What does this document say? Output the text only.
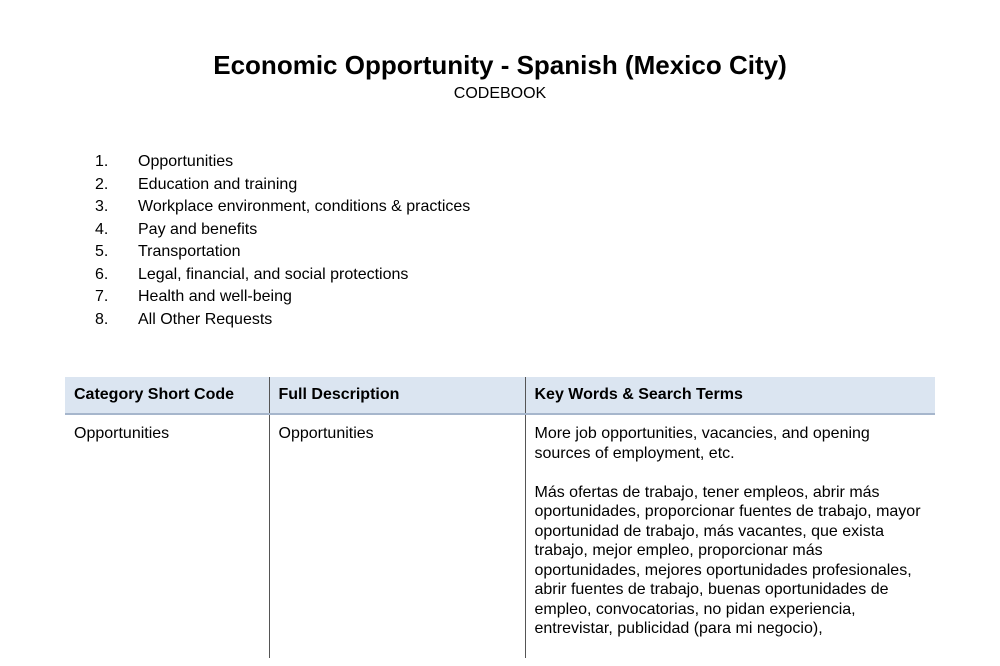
Economic Opportunity - Spanish (Mexico City)
CODEBOOK
1. Opportunities
2. Education and training
3. Workplace environment, conditions & practices
4. Pay and benefits
5. Transportation
6. Legal, financial, and social protections
7. Health and well-being
8. All Other Requests
Category Short Code	Full Description	Key Words & Search Terms
Opportunities	Opportunities	More job opportunities, vacancies, and opening sources of employment, etc.

Más ofertas de trabajo, tener empleos, abrir más oportunidades, proporcionar fuentes de trabajo, mayor oportunidad de trabajo, más vacantes, que exista trabajo, mejor empleo, proporcionar más oportunidades, mejores oportunidades profesionales, abrir fuentes de trabajo, buenas oportunidades de empleo, convocatorias, no pidan experiencia, entrevistar, publicidad (para mi negocio),
